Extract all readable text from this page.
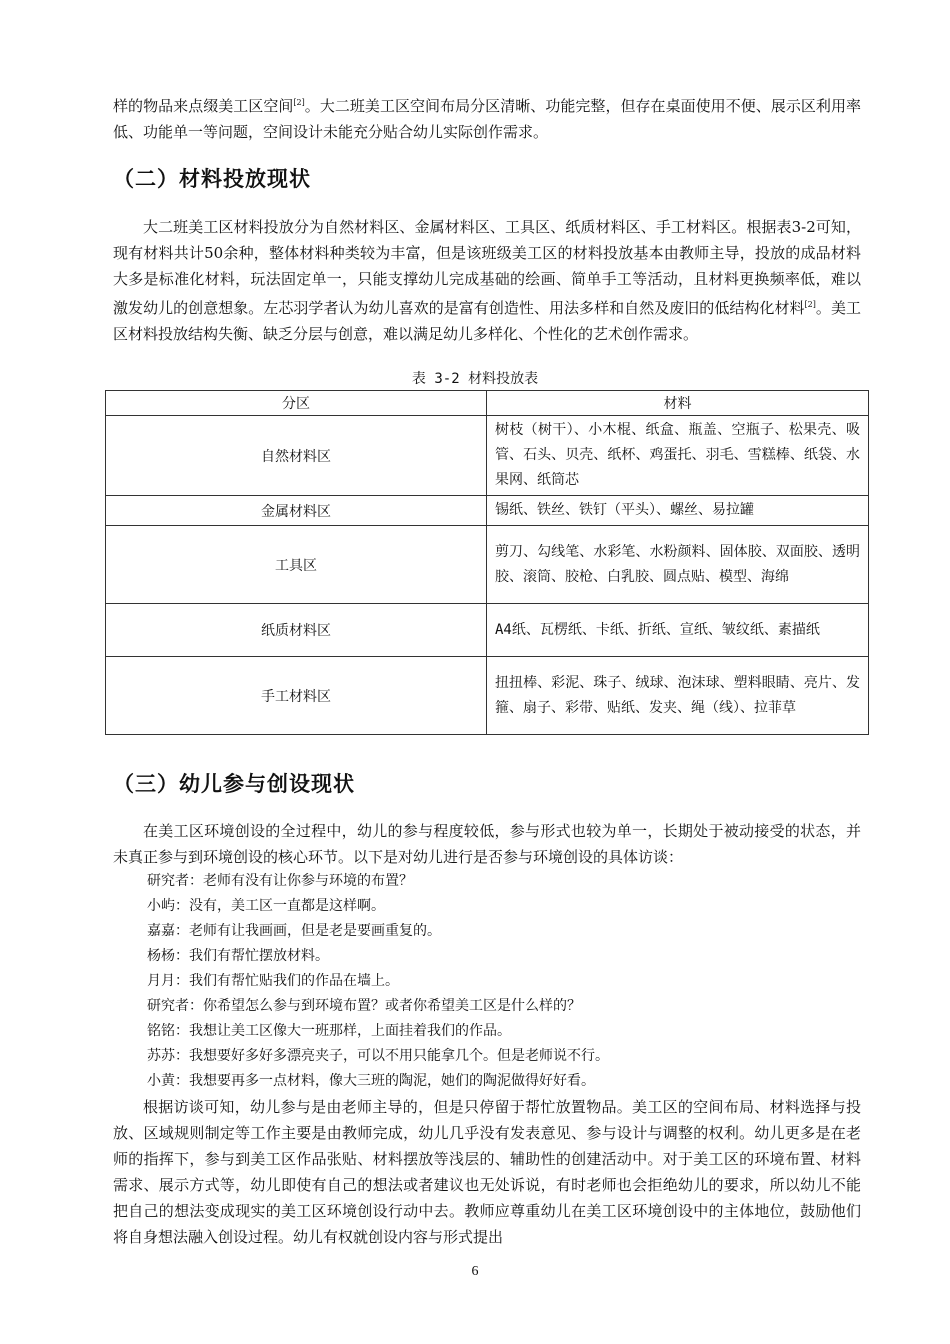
样的物品来点缀美工区空间[2]。大二班美工区空间布局分区清晰、功能完整，但存在桌面使用不便、展示区利用率低、功能单一等问题，空间设计未能充分贴合幼儿实际创作需求。

（二）材料投放现状

大二班美工区材料投放分为自然材料区、金属材料区、工具区、纸质材料区、手工材料区。根据表3-2可知，现有材料共计50余种，整体材料种类较为丰富，但是该班级美工区的材料投放基本由教师主导，投放的成品材料大多是标准化材料，玩法固定单一，只能支撑幼儿完成基础的绘画、简单手工等活动，且材料更换频率低，难以激发幼儿的创意想象。左芯羽学者认为幼儿喜欢的是富有创造性、用法多样和自然及废旧的低结构化材料[2]。美工区材料投放结构失衡、缺乏分层与创意，难以满足幼儿多样化、个性化的艺术创作需求。

表 3-2 材料投放表
分区	材料
自然材料区	树枝（树干）、小木棍、纸盒、瓶盖、空瓶子、松果壳、吸管、石头、贝壳、纸杯、鸡蛋托、羽毛、雪糕棒、纸袋、水果网、纸筒芯
金属材料区	锡纸、铁丝、铁钉（平头）、螺丝、易拉罐
工具区	剪刀、勾线笔、水彩笔、水粉颜料、固体胶、双面胶、透明胶、滚筒、胶枪、白乳胶、圆点贴、模型、海绵
纸质材料区	A4纸、瓦楞纸、卡纸、折纸、宣纸、皱纹纸、素描纸
手工材料区	扭扭棒、彩泥、珠子、绒球、泡沫球、塑料眼睛、亮片、发箍、扇子、彩带、贴纸、发夹、绳（线）、拉菲草
（三）幼儿参与创设现状

在美工区环境创设的全过程中，幼儿的参与程度较低，参与形式也较为单一，长期处于被动接受的状态，并未真正参与到环境创设的核心环节。以下是对幼儿进行是否参与环境创设的具体访谈：

研究者：老师有没有让你参与环境的布置？
小屿：没有，美工区一直都是这样啊。
嘉嘉：老师有让我画画，但是老是要画重复的。
杨杨：我们有帮忙摆放材料。
月月：我们有帮忙贴我们的作品在墙上。
研究者：你希望怎么参与到环境布置？或者你希望美工区是什么样的？
铭铭：我想让美工区像大一班那样，上面挂着我们的作品。
苏苏：我想要好多好多漂亮夹子，可以不用只能拿几个。但是老师说不行。
小黄：我想要再多一点材料，像大三班的陶泥，她们的陶泥做得好好看。

根据访谈可知，幼儿参与是由老师主导的，但是只停留于帮忙放置物品。美工区的空间布局、材料选择与投放、区域规则制定等工作主要是由教师完成，幼儿几乎没有发表意见、参与设计与调整的权利。幼儿更多是在老师的指挥下，参与到美工区作品张贴、材料摆放等浅层的、辅助性的创建活动中。对于美工区的环境布置、材料需求、展示方式等，幼儿即使有自己的想法或者建议也无处诉说，有时老师也会拒绝幼儿的要求，所以幼儿不能把自己的想法变成现实的美工区环境创设行动中去。教师应尊重幼儿在美工区环境创设中的主体地位，鼓励他们将自身想法融入创设过程。幼儿有权就创设内容与形式提出

6
